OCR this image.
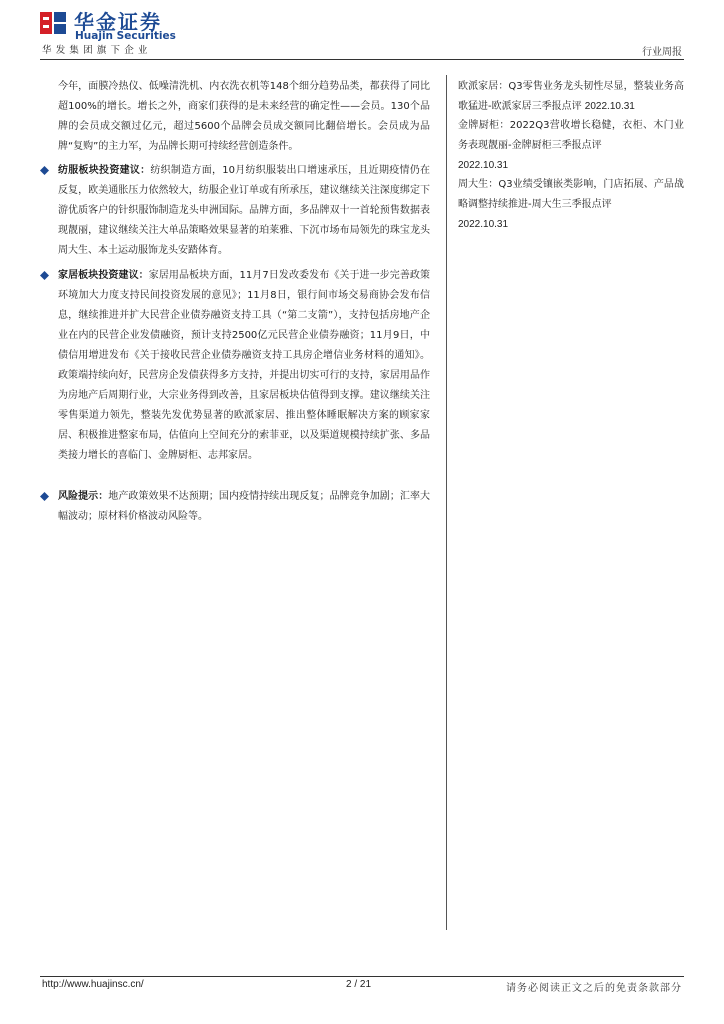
华金证券
Huajin Securities
华发集团旗下企业	行业周报
今年，面膜冷热仪、低噪清洗机、内衣洗衣机等148个细分趋势品类，都获得了同比超100%的增长。增长之外，商家们获得的是未来经营的确定性——会员。130个品牌的会员成交额过亿元，超过5600个品牌会员成交额同比翻倍增长。会员成为品牌“复购”的主力军，为品牌长期可持续经营创造条件。
纺服板块投资建议：纺织制造方面，10月纺织服装出口增速承压，且近期疫情仍在反复，欧美通胀压力依然较大，纺服企业订单或有所承压，建议继续关注深度绑定下游优质客户的针织服饰制造龙头申洲国际。品牌方面，多品牌双十一首轮预售数据表现靓丽，建议继续关注大单品策略效果显著的珀莱雅、下沉市场布局领先的珠宝龙头周大生、本土运动服饰龙头安踏体育。
家居板块投资建议：家居用品板块方面，11月7日发改委发布《关于进一步完善政策环境加大力度支持民间投资发展的意见》；11月8日，银行间市场交易商协会发布信息，继续推进并扩大民营企业债券融资支持工具（“第二支箭”），支持包括房地产企业在内的民营企业发债融资，预计支持2500亿元民营企业债券融资；11月9日，中债信用增进发布《关于接收民营企业债券融资支持工具房企增信业务材料的通知》。政策端持续向好，民营房企发债获得多方支持，并提出切实可行的支持，家居用品作为房地产后周期行业，大宗业务得到改善，且家居板块估值得到支撑。建议继续关注零售渠道力领先，整装先发优势显著的欧派家居、推出整体睡眠解决方案的顾家家居、积极推进整家布局，估值向上空间充分的索菲亚，以及渠道规模持续扩张、多品类接力增长的喜临门、金牌厨柜、志邦家居。
风险提示：地产政策效果不达预期；国内疫情持续出现反复；品牌竞争加剧；汇率大幅波动；原材料价格波动风险等。
欧派家居：Q3零售业务龙头韧性尽显，整装业务高歌猛进-欧派家居三季报点评 2022.10.31
金牌厨柜：2022Q3营收增长稳健，衣柜、木门业务表现靓丽-金牌厨柜三季报点评
2022.10.31
周大生：Q3业绩受镶嵌类影响，门店拓展、产品战略调整持续推进-周大生三季报点评
2022.10.31
http://www.huajinsc.cn/	2 / 21	请务必阅读正文之后的免责条款部分
